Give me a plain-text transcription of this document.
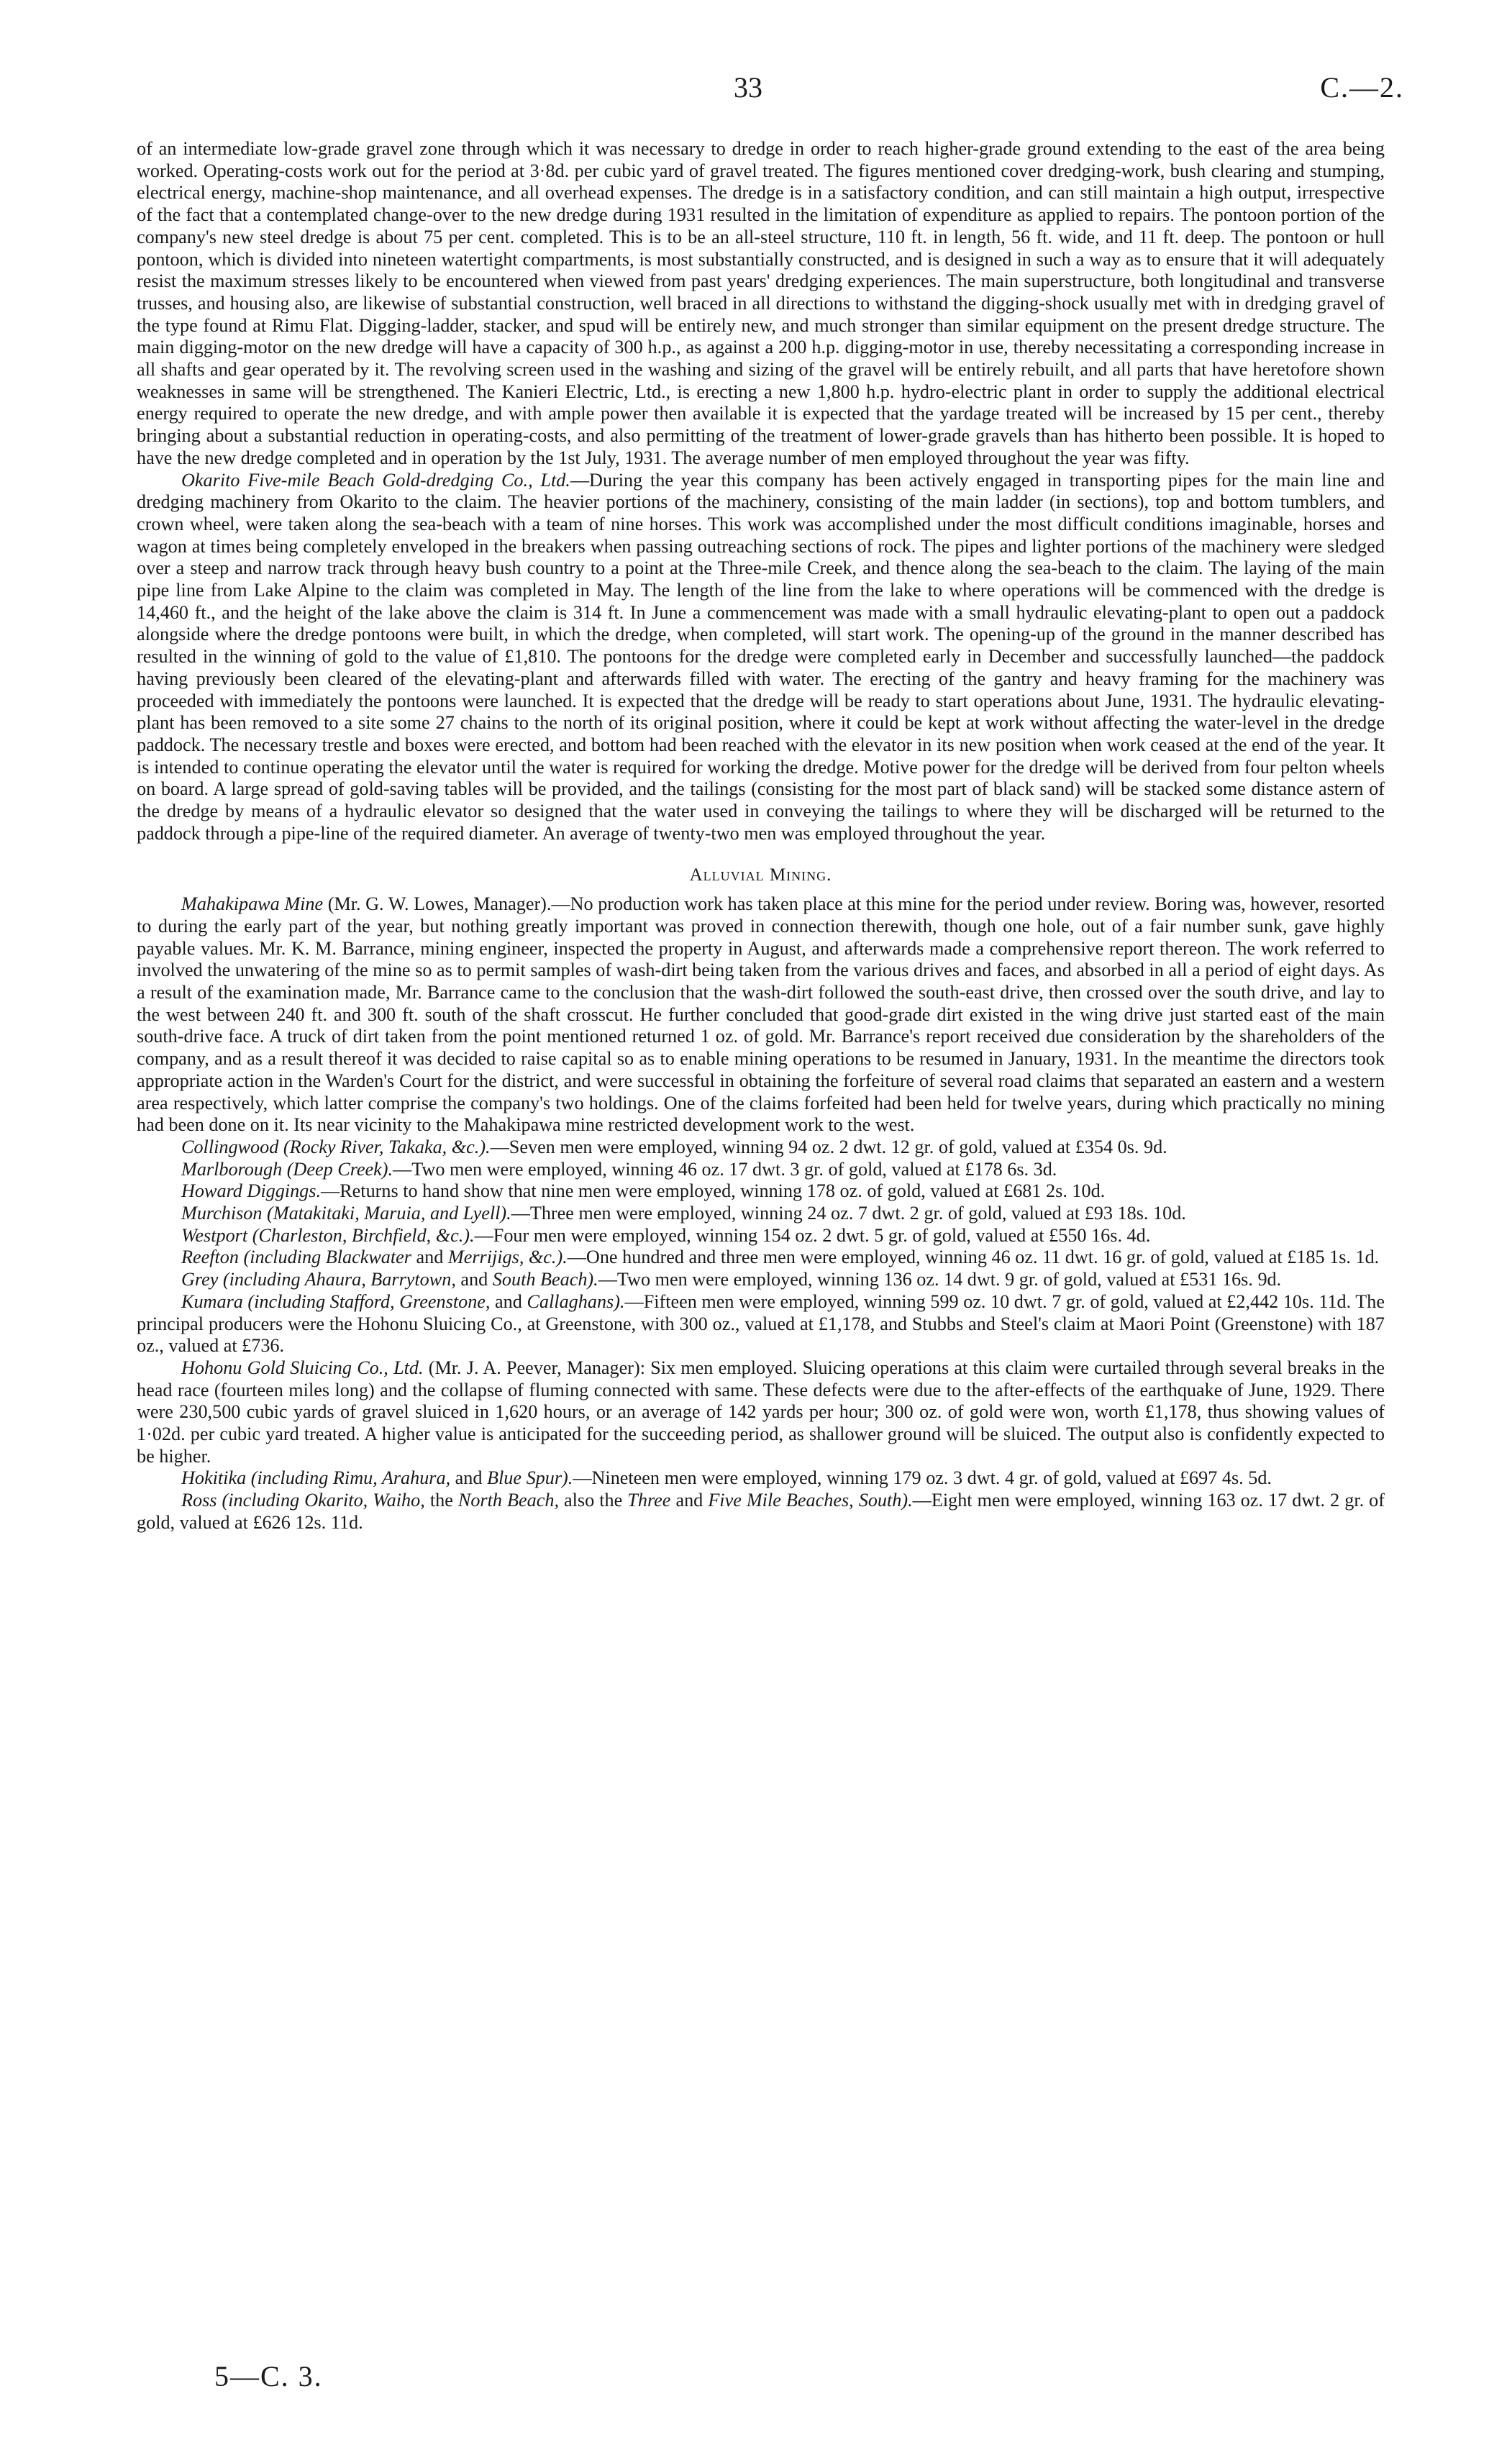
33	C.—2.

of an intermediate low-grade gravel zone through which it was necessary to dredge in order to reach higher-grade ground extending to the east of the area being worked. Operating-costs work out for the period at 3·8d. per cubic yard of gravel treated. The figures mentioned cover dredging-work, bush clearing and stumping, electrical energy, machine-shop maintenance, and all overhead expenses. The dredge is in a satisfactory condition, and can still maintain a high output, irrespective of the fact that a contemplated change-over to the new dredge during 1931 resulted in the limitation of expenditure as applied to repairs. The pontoon portion of the company's new steel dredge is about 75 per cent. completed. This is to be an all-steel structure, 110 ft. in length, 56 ft. wide, and 11 ft. deep. The pontoon or hull pontoon, which is divided into nineteen watertight compartments, is most substantially constructed, and is designed in such a way as to ensure that it will adequately resist the maximum stresses likely to be encountered when viewed from past years' dredging experiences. The main superstructure, both longitudinal and transverse trusses, and housing also, are likewise of substantial construction, well braced in all directions to withstand the digging-shock usually met with in dredging gravel of the type found at Rimu Flat. Digging-ladder, stacker, and spud will be entirely new, and much stronger than similar equipment on the present dredge structure. The main digging-motor on the new dredge will have a capacity of 300 h.p., as against a 200 h.p. digging-motor in use, thereby necessitating a corresponding increase in all shafts and gear operated by it. The revolving screen used in the washing and sizing of the gravel will be entirely rebuilt, and all parts that have heretofore shown weaknesses in same will be strengthened. The Kanieri Electric, Ltd., is erecting a new 1,800 h.p. hydro-electric plant in order to supply the additional electrical energy required to operate the new dredge, and with ample power then available it is expected that the yardage treated will be increased by 15 per cent., thereby bringing about a substantial reduction in operating-costs, and also permitting of the treatment of lower-grade gravels than has hitherto been possible. It is hoped to have the new dredge completed and in operation by the 1st July, 1931. The average number of men employed throughout the year was fifty.

Okarito Five-mile Beach Gold-dredging Co., Ltd.—During the year this company has been actively engaged in transporting pipes for the main line and dredging machinery from Okarito to the claim. The heavier portions of the machinery, consisting of the main ladder (in sections), top and bottom tumblers, and crown wheel, were taken along the sea-beach with a team of nine horses. This work was accomplished under the most difficult conditions imaginable, horses and wagon at times being completely enveloped in the breakers when passing outreaching sections of rock. The pipes and lighter portions of the machinery were sledged over a steep and narrow track through heavy bush country to a point at the Three-mile Creek, and thence along the sea-beach to the claim. The laying of the main pipe line from Lake Alpine to the claim was completed in May. The length of the line from the lake to where operations will be commenced with the dredge is 14,460 ft., and the height of the lake above the claim is 314 ft. In June a commencement was made with a small hydraulic elevating-plant to open out a paddock alongside where the dredge pontoons were built, in which the dredge, when completed, will start work. The opening-up of the ground in the manner described has resulted in the winning of gold to the value of £1,810. The pontoons for the dredge were completed early in December and successfully launched—the paddock having previously been cleared of the elevating-plant and afterwards filled with water. The erecting of the gantry and heavy framing for the machinery was proceeded with immediately the pontoons were launched. It is expected that the dredge will be ready to start operations about June, 1931. The hydraulic elevating-plant has been removed to a site some 27 chains to the north of its original position, where it could be kept at work without affecting the water-level in the dredge paddock. The necessary trestle and boxes were erected, and bottom had been reached with the elevator in its new position when work ceased at the end of the year. It is intended to continue operating the elevator until the water is required for working the dredge. Motive power for the dredge will be derived from four pelton wheels on board. A large spread of gold-saving tables will be provided, and the tailings (consisting for the most part of black sand) will be stacked some distance astern of the dredge by means of a hydraulic elevator so designed that the water used in conveying the tailings to where they will be discharged will be returned to the paddock through a pipe-line of the required diameter. An average of twenty-two men was employed throughout the year.

Alluvial Mining.

Mahakipawa Mine (Mr. G. W. Lowes, Manager).—No production work has taken place at this mine for the period under review. Boring was, however, resorted to during the early part of the year, but nothing greatly important was proved in connection therewith, though one hole, out of a fair number sunk, gave highly payable values. Mr. K. M. Barrance, mining engineer, inspected the property in August, and afterwards made a comprehensive report thereon. The work referred to involved the unwatering of the mine so as to permit samples of wash-dirt being taken from the various drives and faces, and absorbed in all a period of eight days. As a result of the examination made, Mr. Barrance came to the conclusion that the wash-dirt followed the south-east drive, then crossed over the south drive, and lay to the west between 240 ft. and 300 ft. south of the shaft crosscut. He further concluded that good-grade dirt existed in the wing drive just started east of the main south-drive face. A truck of dirt taken from the point mentioned returned 1 oz. of gold. Mr. Barrance's report received due consideration by the shareholders of the company, and as a result thereof it was decided to raise capital so as to enable mining operations to be resumed in January, 1931. In the meantime the directors took appropriate action in the Warden's Court for the district, and were successful in obtaining the forfeiture of several road claims that separated an eastern and a western area respectively, which latter comprise the company's two holdings. One of the claims forfeited had been held for twelve years, during which practically no mining had been done on it. Its near vicinity to the Mahakipawa mine restricted development work to the west.

Collingwood (Rocky River, Takaka, &c.).—Seven men were employed, winning 94 oz. 2 dwt. 12 gr. of gold, valued at £354 0s. 9d.

Marlborough (Deep Creek).—Two men were employed, winning 46 oz. 17 dwt. 3 gr. of gold, valued at £178 6s. 3d.

Howard Diggings.—Returns to hand show that nine men were employed, winning 178 oz. of gold, valued at £681 2s. 10d.

Murchison (Matakitaki, Maruia, and Lyell).—Three men were employed, winning 24 oz. 7 dwt. 2 gr. of gold, valued at £93 18s. 10d.

Westport (Charleston, Birchfield, &c.).—Four men were employed, winning 154 oz. 2 dwt. 5 gr. of gold, valued at £550 16s. 4d.

Reefton (including Blackwater and Merrijigs, &c.).—One hundred and three men were employed, winning 46 oz. 11 dwt. 16 gr. of gold, valued at £185 1s. 1d.

Grey (including Ahaura, Barrytown, and South Beach).—Two men were employed, winning 136 oz. 14 dwt. 9 gr. of gold, valued at £531 16s. 9d.

Kumara (including Stafford, Greenstone, and Callaghans).—Fifteen men were employed, winning 599 oz. 10 dwt. 7 gr. of gold, valued at £2,442 10s. 11d. The principal producers were the Hohonu Sluicing Co., at Greenstone, with 300 oz., valued at £1,178, and Stubbs and Steel's claim at Maori Point (Greenstone) with 187 oz., valued at £736.

Hohonu Gold Sluicing Co., Ltd. (Mr. J. A. Peever, Manager): Six men employed. Sluicing operations at this claim were curtailed through several breaks in the head race (fourteen miles long) and the collapse of fluming connected with same. These defects were due to the after-effects of the earthquake of June, 1929. There were 230,500 cubic yards of gravel sluiced in 1,620 hours, or an average of 142 yards per hour; 300 oz. of gold were won, worth £1,178, thus showing values of 1·02d. per cubic yard treated. A higher value is anticipated for the succeeding period, as shallower ground will be sluiced. The output also is confidently expected to be higher.

Hokitika (including Rimu, Arahura, and Blue Spur).—Nineteen men were employed, winning 179 oz. 3 dwt. 4 gr. of gold, valued at £697 4s. 5d.

Ross (including Okarito, Waiho, the North Beach, also the Three and Five Mile Beaches, South).—Eight men were employed, winning 163 oz. 17 dwt. 2 gr. of gold, valued at £626 12s. 11d.

5—C. 3.
